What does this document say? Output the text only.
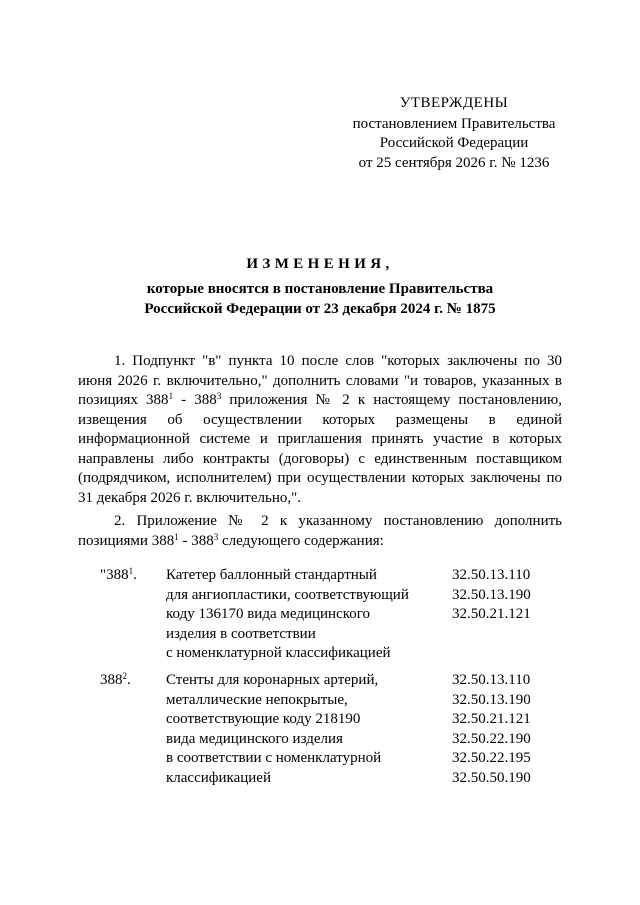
УТВЕРЖДЕНЫ
постановлением Правительства
Российской Федерации
от 25 сентября 2026 г. № 1236
ИЗМЕНЕНИЯ,
которые вносятся в постановление Правительства
Российской Федерации от 23 декабря 2024 г. № 1875

1. Подпункт "в" пункта 10 после слов "которых заключены по 30 июня 2026 г. включительно," дополнить словами "и товаров, указанных в позициях $388^1 - 388^3$ приложения № 2 к настоящему постановлению, извещения об осуществлении которых размещены в единой информационной системе и приглашения принять участие в которых направлены либо контракты (договоры) с единственным поставщиком (подрядчиком, исполнителем) при осуществлении которых заключены по 31 декабря 2026 г. включительно,".

2. Приложение № 2 к указанному постановлению дополнить позициями $388^1 - 388^3$ следующего содержания:

"$388^1$.	Катетер баллонный стандартный
для ангиопластики, соответствующий
коду 136170 вида медицинского
изделия в соответствии
с номенклатурной классификацией
32.50.13.110
32.50.13.190
32.50.21.121
$388^2$.	Стенты для коронарных артерий,
металлические непокрытые,
соответствующие коду 218190
вида медицинского изделия
в соответствии с номенклатурной
классификацией
32.50.13.110
32.50.13.190
32.50.21.121
32.50.22.190
32.50.22.195
32.50.50.190
